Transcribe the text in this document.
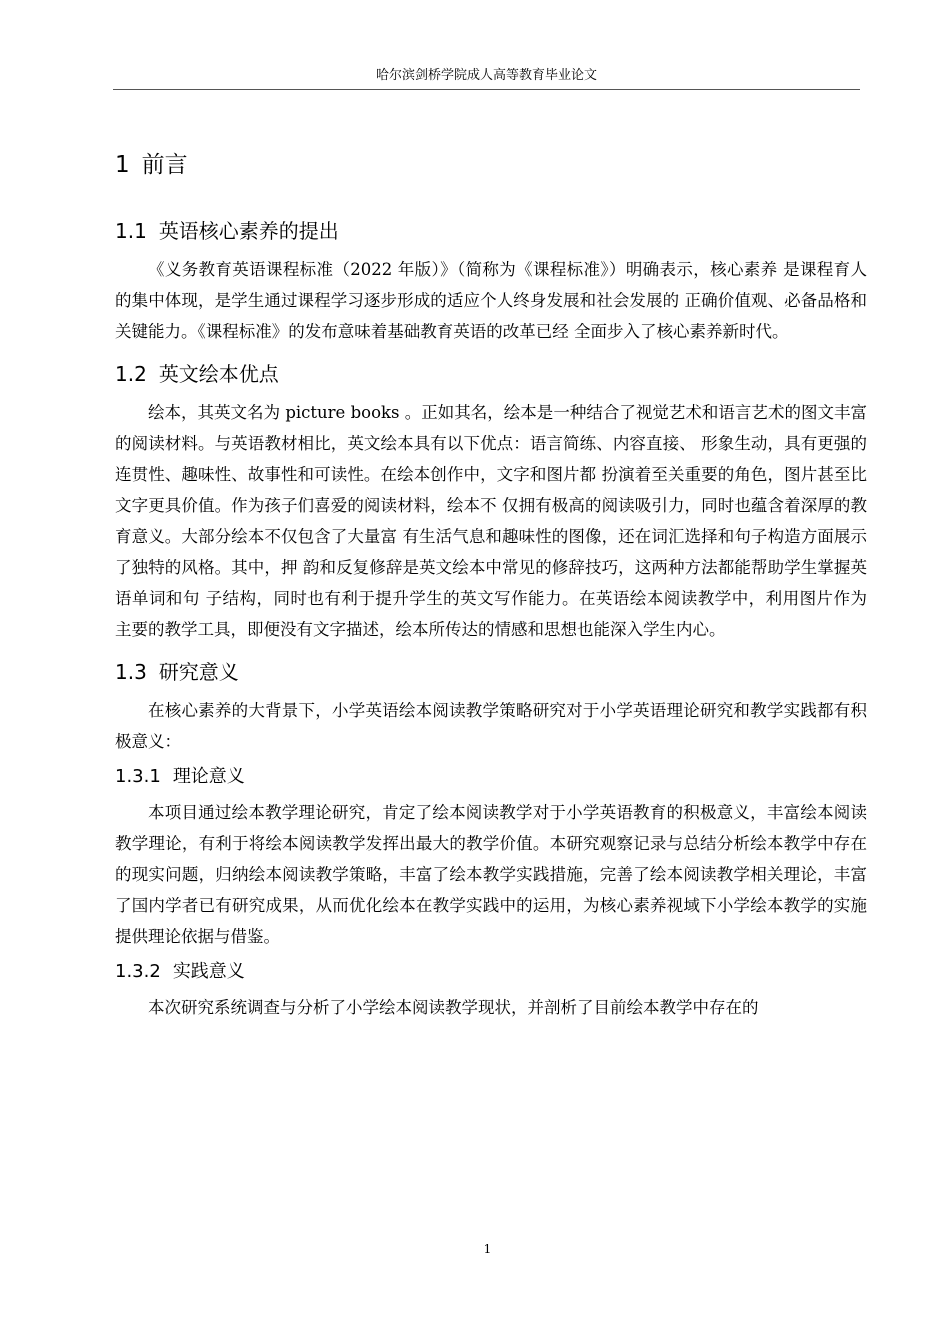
哈尔滨剑桥学院成人高等教育毕业论文
1 前言
1.1 英语核心素养的提出

《义务教育英语课程标准（2022 年版）》（简称为《课程标准》）明确表示，核心素养 是课程育人的集中体现，是学生通过课程学习逐步形成的适应个人终身发展和社会发展的 正确价值观、必备品格和关键能力。《课程标准》的发布意味着基础教育英语的改革已经 全面步入了核心素养新时代。

1.2 英文绘本优点

绘本，其英文名为 picture books 。正如其名，绘本是一种结合了视觉艺术和语言艺术的图文丰富的阅读材料。与英语教材相比，英文绘本具有以下优点：语言简练、内容直接、 形象生动，具有更强的连贯性、趣味性、故事性和可读性。在绘本创作中，文字和图片都 扮演着至关重要的角色，图片甚至比文字更具价值。作为孩子们喜爱的阅读材料，绘本不 仅拥有极高的阅读吸引力，同时也蕴含着深厚的教育意义。大部分绘本不仅包含了大量富 有生活气息和趣味性的图像，还在词汇选择和句子构造方面展示了独特的风格。其中，押 韵和反复修辞是英文绘本中常见的修辞技巧，这两种方法都能帮助学生掌握英语单词和句 子结构，同时也有利于提升学生的英文写作能力。在英语绘本阅读教学中，利用图片作为 主要的教学工具，即便没有文字描述，绘本所传达的情感和思想也能深入学生内心。

1.3 研究意义

在核心素养的大背景下，小学英语绘本阅读教学策略研究对于小学英语理论研究和教学实践都有积极意义：

1.3.1 理论意义

本项目通过绘本教学理论研究，肯定了绘本阅读教学对于小学英语教育的积极意义，丰富绘本阅读教学理论，有利于将绘本阅读教学发挥出最大的教学价值。本研究观察记录与总结分析绘本教学中存在的现实问题，归纳绘本阅读教学策略，丰富了绘本教学实践措施，完善了绘本阅读教学相关理论，丰富了国内学者已有研究成果，从而优化绘本在教学实践中的运用，为核心素养视域下小学绘本教学的实施提供理论依据与借鉴。

1.3.2 实践意义

本次研究系统调查与分析了小学绘本阅读教学现状，并剖析了目前绘本教学中存在的

1
